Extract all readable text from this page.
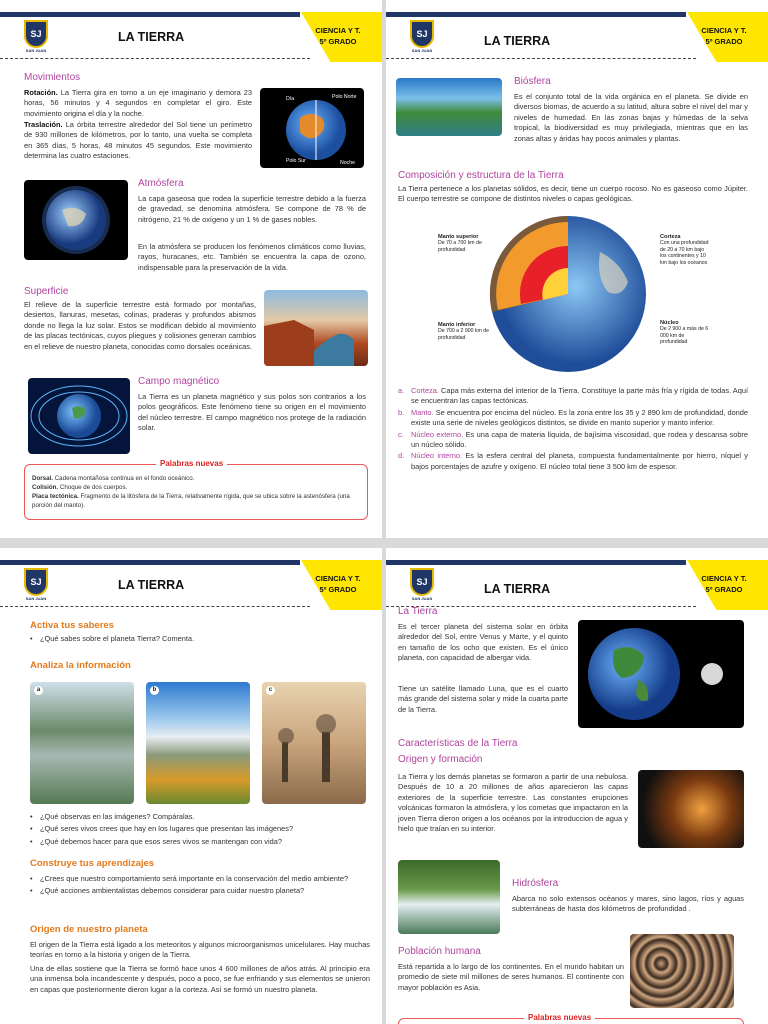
SJ
SAN JUAN
LA TIERRA	CIENCIA Y T.
5º GRADO
Movimientos
Rotación. La Tierra gira en torno a un eje imaginario y demora 23 horas, 56 minutos y 4 segundos en completar el giro. Este movimiento origina el día y la noche.
Traslación. La órbita terrestre alrededor del Sol tiene un perímetro de 930 millones de kilómetros, por lo tanto, una vuelta se completa en 365 días, 5 horas, 48 minutos 45 segundos. Este movimiento determina las cuatro estaciones.
Día	Polo Norte
Polo Sur	Noche
Atmósfera
La capa gaseosa que rodea la superficie terrestre debido a la fuerza de gravedad, se denomina atmósfera. Se compone de 78 % de nitrógeno, 21 % de oxígeno y un 1 % de gases nobles.
En la atmósfera se producen los fenómenos climáticos como lluvias, rayos, huracanes, etc. También se encuentra la capa de ozono, indispensable para la preservación de la vida.
Superficie
El relieve de la superficie terrestre está formado por montañas, desiertos, llanuras, mesetas, colinas, praderas y profundos abismos donde no llega la luz solar. Estos se modifican debido al movimiento de las placas tectónicas, cuyos pliegues y colisiones generan cambios en el relieve de nuestro planeta, conocidas como dorsales oceánicas.
Campo magnético
La Tierra es un planeta magnético y sus polos son contrarios a los polos geográficos. Este fenómeno tiene su origen en el movimiento del núcleo terrestre. El campo magnético nos protege de la radiación solar.
Palabras nuevas
Dorsal. Cadena montañosa continua en el fondo oceánico.
Colisión. Choque de dos cuerpos.
Placa tectónica. Fragmento de la litósfera de la Tierra, relativamente rígida, que se ubica sobre la astenósfera (una porción del manto).
SJ
SAN JUAN
LA TIERRA
CIENCIA Y T.
5º GRADO
Biósfera
Es el conjunto total de la vida orgánica en el planeta. Se divide en diversos biomas, de acuerdo a su latitud, altura sobre el nivel del mar y niveles de humedad. En las zonas bajas y húmedas de la selva tropical, la biodiversidad es muy privilegiada, mientras que en las zonas altas y áridas hay pocos animales y plantas.
Composición y estructura de la Tierra
La Tierra pertenece a los planetas sólidos, es decir, tiene un cuerpo rocoso. No es gaseoso como Júpiter. El cuerpo terrestre se compone de distintos niveles o capas geológicas.
Manto superior
De 70 a 700 km de profundidad
Corteza
Con una profundidad de 20 a 70 km bajo los continentes y 10 km bajo los océanos
Manto inferior
De 700 a 2 900 km de profundidad
Núcleo
De 2 900 a más de 6 000 km de profundidad
a. Corteza. Capa más externa del interior de la Tierra. Constituye la parte más fría y rígida de todas. Aquí se encuentran las capas tectónicas.
b. Manto. Se encuentra por encima del núcleo. Es la zona entre los 35 y 2 890 km de profundidad, donde existe una serie de niveles geológicos distintos, se divide en manto superior y manto inferior.
c. Núcleo externo. Es una capa de materia líquida, de bajísima viscosidad, que rodea y descansa sobre un núcleo sólido.
d. Núcleo interno. Es la esfera central del planeta, compuesta fundamentalmente por hierro, níquel y bajos porcentajes de azufre y oxígeno. El núcleo total tiene 3 500 km de espesor.
SJ
SAN JUAN
LA TIERRA	CIENCIA Y T.
5º GRADO
Activa tus saberes
• ¿Qué sabes sobre el planeta Tierra? Comenta.
Analiza la información
a	b	c
• ¿Qué observas en las imágenes? Compáralas.
• ¿Qué seres vivos crees que hay en los lugares que presentan las imágenes?
• ¿Qué debemos hacer para que esos seres vivos se mantengan con vida?
Construye tus aprendizajes
• ¿Crees que nuestro comportamiento será importante en la conservación del medio ambiente?
• ¿Qué acciones ambientalistas debemos considerar para cuidar nuestro planeta?
Origen de nuestro planeta
El origen de la Tierra está ligado a los meteoritos y algunos microorganismos unicelulares. Hay muchas teorías en torno a la historia y origen de la Tierra.
Una de ellas sostiene que la Tierra se formó hace unos 4 600 millones de años atrás. Al principio era una inmensa bola incandescente y después, poco a poco, se fue enfriando y sus elementos se unieron en capas que posteriormente dieron lugar a la corteza. Así se formó un nuestro planeta.
SJ
SAN JUAN
LA TIERRA
CIENCIA Y T.
5º GRADO
La Tierra
Es el tercer planeta del sistema solar en órbita alrededor del Sol, entre Venus y Marte, y el quinto en tamaño de los ocho que existen. Es el único planeta, con capacidad de albergar vida.
Tiene un satélite llamado Luna, que es el cuarto más grande del sistema solar y mide la cuarta parte de la Tierra.
Características de la Tierra
Origen y formación
La Tierra y los demás planetas se formaron a partir de una nebulosa. Después de 10 a 20 millones de años aparecieron las capas exteriores de la superficie terrestre. Las constantes erupciones volcánicas formaron la atmósfera, y los cometas que impactaron en la joven Tierra dieron origen a los océanos por la introduccion de agua y hielo que traían en su interior.
Hidrósfera
Abarca no solo extensos océanos y mares, sino lagos, ríos y aguas subterráneas de hasta dos kilómetros de profundidad .
Población humana
Está repartida a lo largo de los continentes. En el mundo habitan un promedio de siete mil millones de seres humanos. El continente con mayor población es Asia.
Palabras nuevas
